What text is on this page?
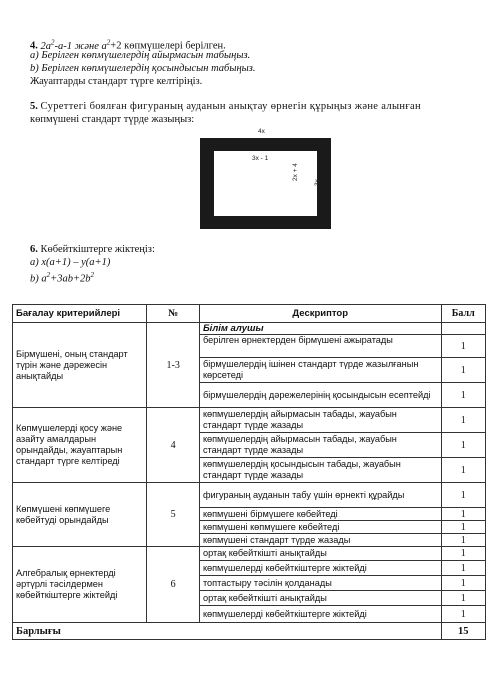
4. $2a^2-a-1$ және $a^2+2$ көпмүшелері берілген.
a) Берілген көпмүшелердің айырмасын табыңыз.
b) Берілген көпмүшелердің қосындысын табыңыз.
Жауаптарды стандарт түрге келтіріңіз.
5. Суреттегі боялған фигураның ауданын анықтау өрнегін құрыңыз және алынған
көпмүшені стандарт түрде жазыңыз:
4x
3x - 1
2x + 4
3x
6. Көбейткіштерге жіктеңіз:
a) x(a+1) – y(a+1)
b) $a^2+3ab+2b^2$
Бағалау критерийлері	№	Дескриптор	Балл
Бірмүшені, оның стандарт түрін және дәрежесін анықтайды	1-3	Білім алушы	
		берілген өрнектерден бірмүшені ажыратады	1
		бірмүшелердің ішінен стандарт түрде жазылғанын көрсетеді	1
		бірмүшелердің дәрежелерінің қосындысын есептейді	1
Көпмүшелерді қосу және азайту амалдарын орындайды, жауаптарын стандарт түрге келтіреді	4	көпмүшелердің айырмасын табады, жауабын стандарт түрде жазады	1
		көпмүшелердің айырмасын табады, жауабын стандарт түрде жазады	1
		көпмүшелердің қосындысын табады, жауабын стандарт түрде жазады	1
Көпмүшені көпмүшеге көбейтуді орындайды	5	фигураның ауданын табу үшін өрнекті құрайды	1
		көпмүшені бірмүшеге көбейтеді	1
		көпмүшені көпмүшеге көбейтеді	1
		көпмүшені стандарт түрде жазады	1
Алгебралық өрнектерді әртүрлі тәсілдермен көбейткіштерге жіктейді	6	ортақ көбейткішті анықтайды	1
		көпмүшелерді көбейткіштерге жіктейді	1
		топтастыру тәсілін қолданады	1
		ортақ көбейткішті анықтайды	1
		көпмүшелерді көбейткіштерге жіктейді	1
Барлығы			15
